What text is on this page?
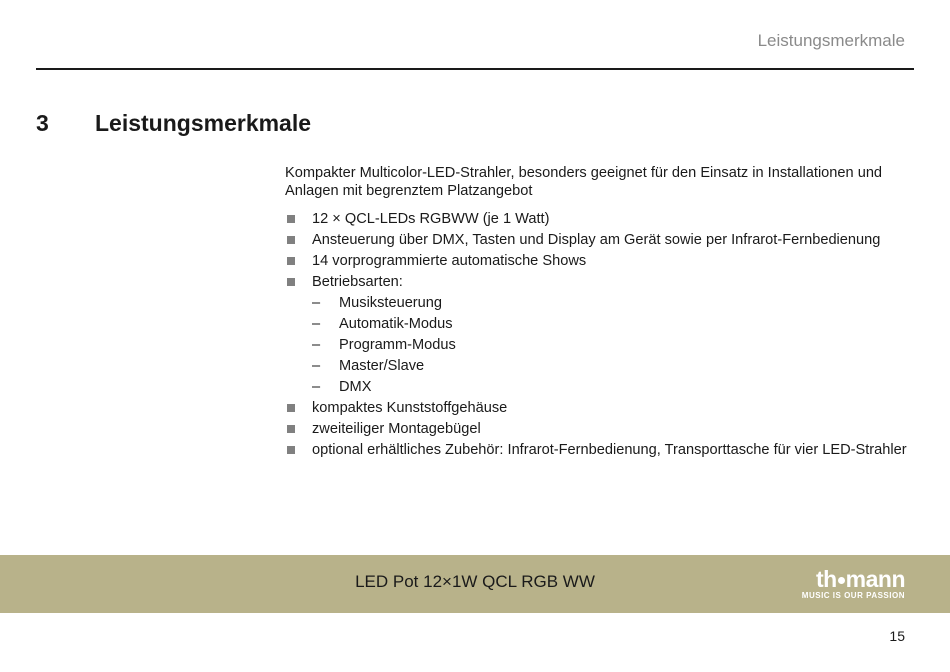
Leistungsmerkmale
3 Leistungsmerkmale

Kompakter Multicolor-LED-Strahler, besonders geeignet für den Einsatz in Installationen und Anlagen mit begrenztem Platzangebot

12 × QCL-LEDs RGBWW (je 1 Watt)
Ansteuerung über DMX, Tasten und Display am Gerät sowie per Infrarot-Fernbedienung
14 vorprogrammierte automatische Shows
Betriebsarten:
– Musiksteuerung
– Automatik-Modus
– Programm-Modus
– Master/Slave
– DMX
kompaktes Kunststoffgehäuse
zweiteiliger Montagebügel
optional erhältliches Zubehör: Infrarot-Fernbedienung, Transporttasche für vier LED-Strahler
LED Pot 12×1W QCL RGB WW	th mann
MUSIC IS OUR PASSION
15
